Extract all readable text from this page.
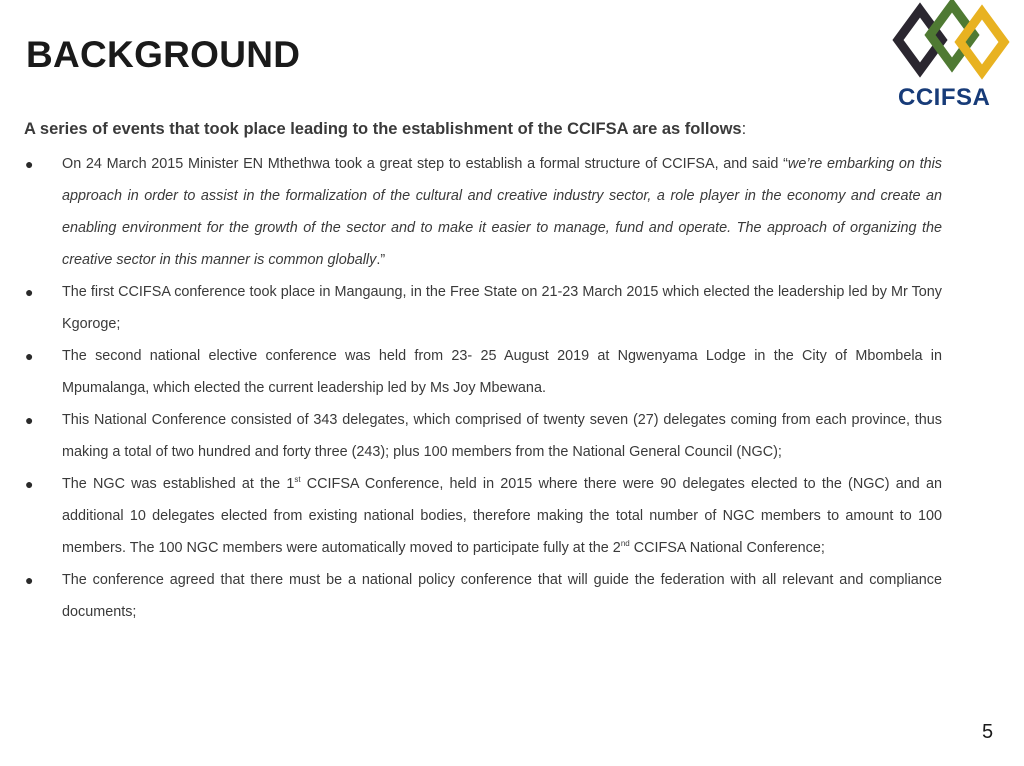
BACKGROUND
CCIFSA

A series of events that took place leading to the establishment of the CCIFSA are as follows:

● On 24 March 2015 Minister EN Mthethwa took a great step to establish a formal structure of CCIFSA, and said “we’re embarking on this approach in order to assist in the formalization of the cultural and creative industry sector, a role player in the economy and create an enabling environment for the growth of the sector and to make it easier to manage, fund and operate. The approach of organizing the creative sector in this manner is common globally.”
● The first CCIFSA conference took place in Mangaung, in the Free State on 21-23 March 2015 which elected the leadership led by Mr Tony Kgoroge;
● The second national elective conference was held from 23- 25 August 2019 at Ngwenyama Lodge in the City of Mbombela in Mpumalanga, which elected the current leadership led by Ms Joy Mbewana.
● This National Conference consisted of 343 delegates, which comprised of twenty seven (27) delegates coming from each province, thus making a total of two hundred and forty three (243); plus 100 members from the National General Council (NGC);
● The NGC was established at the 1st CCIFSA Conference, held in 2015 where there were 90 delegates elected to the (NGC) and an additional 10 delegates elected from existing national bodies, therefore making the total number of NGC members to amount to 100 members. The 100 NGC members were automatically moved to participate fully at the 2nd CCIFSA National Conference;
● The conference agreed that there must be a national policy conference that will guide the federation with all relevant and compliance documents;
5
